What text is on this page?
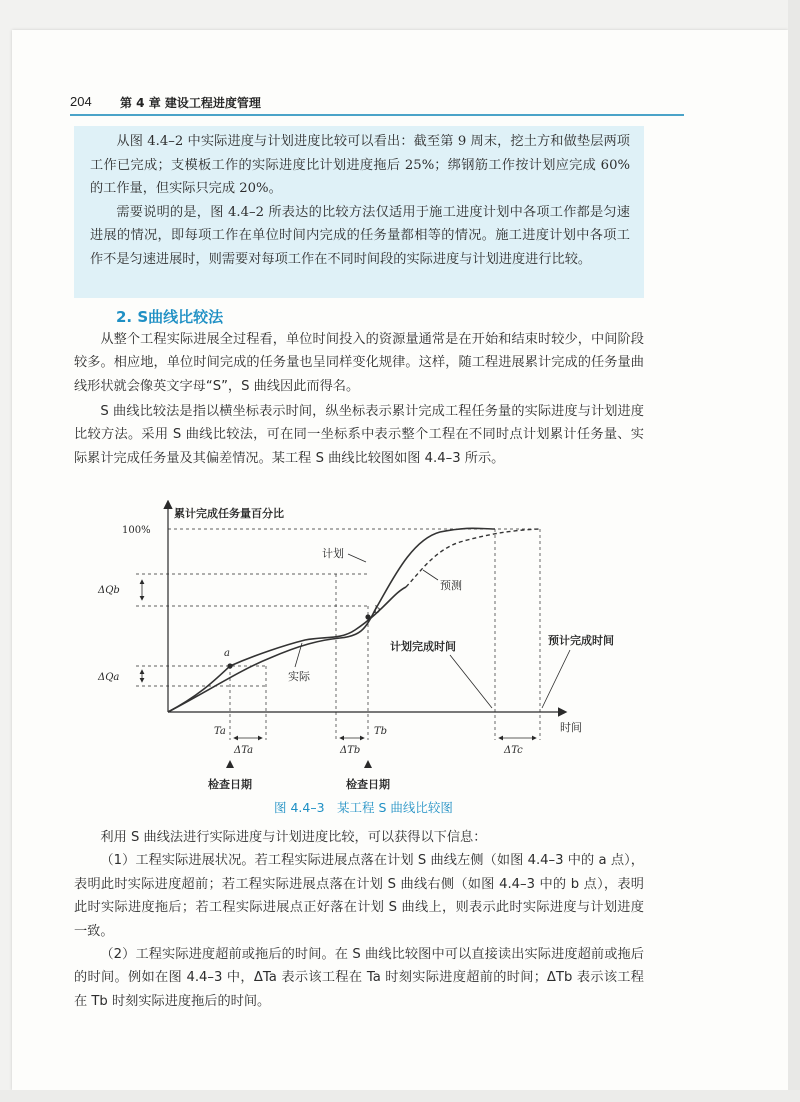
204 第 4 章 建设工程进度管理

从图 4.4–2 中实际进度与计划进度比较可以看出：截至第 9 周末，挖土方和做垫层两项工作已完成；支模板工作的实际进度比计划进度拖后 25%；绑钢筋工作按计划应完成 60% 的工作量，但实际只完成 20%。

需要说明的是，图 4.4–2 所表达的比较方法仅适用于施工进度计划中各项工作都是匀速进展的情况，即每项工作在单位时间内完成的任务量都相等的情况。施工进度计划中各项工作不是匀速进展时，则需要对每项工作在不同时间段的实际进度与计划进度进行比较。

2. S曲线比较法

从整个工程实际进展全过程看，单位时间投入的资源量通常是在开始和结束时较少，中间阶段较多。相应地，单位时间完成的任务量也呈同样变化规律。这样，随工程进展累计完成的任务量曲线形状就会像英文字母“S”，S 曲线因此而得名。

S 曲线比较法是指以横坐标表示时间，纵坐标表示累计完成工程任务量的实际进度与计划进度比较方法。采用 S 曲线比较法，可在同一坐标系中表示整个工程在不同时点计划累计任务量、实际累计完成任务量及其偏差情况。某工程 S 曲线比较图如图 4.4–3 所示。

累计完成任务量百分比
时间
100%
计划
预测
实际
a
b
ΔQb
ΔQa
计划完成时间	预计完成时间
Ta
ΔTa
Tb
ΔTb	ΔTc
检查日期	检查日期
图 4.4–3　某工程 S 曲线比较图

利用 S 曲线法进行实际进度与计划进度比较，可以获得以下信息：

（1）工程实际进展状况。若工程实际进展点落在计划 S 曲线左侧（如图 4.4–3 中的 a 点），表明此时实际进度超前；若工程实际进展点落在计划 S 曲线右侧（如图 4.4–3 中的 b 点），表明此时实际进度拖后；若工程实际进展点正好落在计划 S 曲线上，则表示此时实际进度与计划进度一致。

（2）工程实际进度超前或拖后的时间。在 S 曲线比较图中可以直接读出实际进度超前或拖后的时间。例如在图 4.4–3 中，ΔTa 表示该工程在 Ta 时刻实际进度超前的时间；ΔTb 表示该工程在 Tb 时刻实际进度拖后的时间。
